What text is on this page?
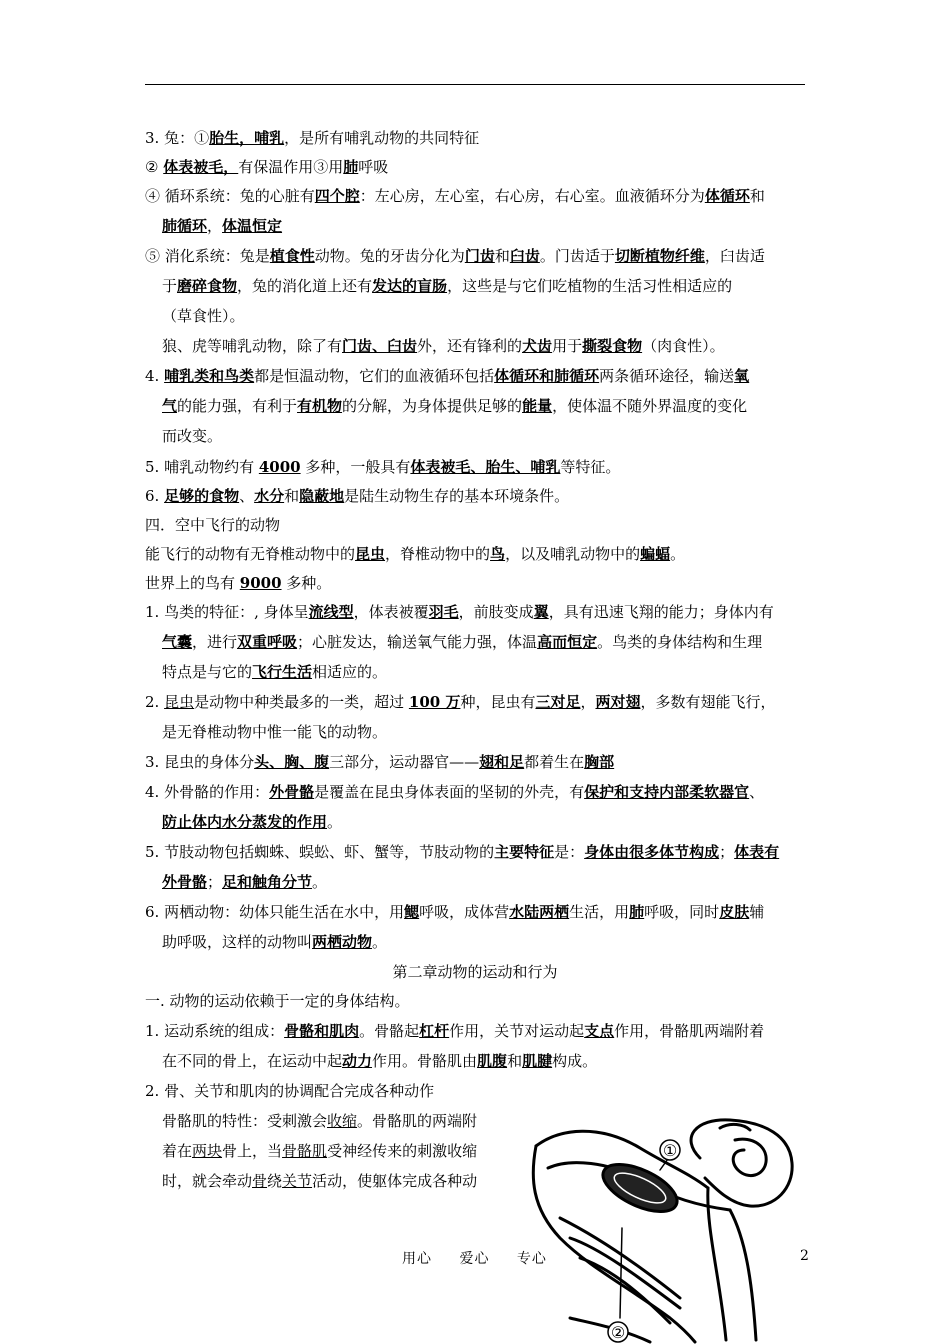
3. 兔：①胎生，哺乳，是所有哺乳动物的共同特征
② 体表被毛，有保温作用③用肺呼吸
④ 循环系统：兔的心脏有四个腔：左心房，左心室，右心房，右心室。血液循环分为体循环和
肺循环，体温恒定
⑤ 消化系统：兔是植食性动物。兔的牙齿分化为门齿和臼齿。门齿适于切断植物纤维，臼齿适
于磨碎食物，兔的消化道上还有发达的盲肠，这些是与它们吃植物的生活习性相适应的
（草食性）。
狼、虎等哺乳动物，除了有门齿、臼齿外，还有锋利的犬齿用于撕裂食物（肉食性）。
4. 哺乳类和鸟类都是恒温动物，它们的血液循环包括体循环和肺循环两条循环途径，输送氧
气的能力强，有利于有机物的分解，为身体提供足够的能量，使体温不随外界温度的变化
而改变。
5. 哺乳动物约有 4000 多种，一般具有体表被毛、胎生、哺乳等特征。
6. 足够的食物、水分和隐蔽地是陆生动物生存的基本环境条件。
四．空中飞行的动物
能飞行的动物有无脊椎动物中的昆虫，脊椎动物中的鸟，以及哺乳动物中的蝙蝠。
世界上的鸟有 9000 多种。
1. 鸟类的特征：, 身体呈流线型，体表被覆羽毛，前肢变成翼，具有迅速飞翔的能力；身体内有
气囊，进行双重呼吸；心脏发达，输送氧气能力强，体温高而恒定。鸟类的身体结构和生理
特点是与它的飞行生活相适应的。
2. 昆虫是动物中种类最多的一类，超过 100 万种，昆虫有三对足，两对翅，多数有翅能飞行，
是无脊椎动物中惟一能飞的动物。
3. 昆虫的身体分头、胸、腹三部分，运动器官——翅和足都着生在胸部
4. 外骨骼的作用：外骨骼是覆盖在昆虫身体表面的坚韧的外壳，有保护和支持内部柔软器官、
防止体内水分蒸发的作用。
5. 节肢动物包括蜘蛛、蜈蚣、虾、蟹等，节肢动物的主要特征是：身体由很多体节构成；体表有
外骨骼；足和触角分节。
6. 两栖动物：幼体只能生活在水中，用鳃呼吸，成体营水陆两栖生活，用肺呼吸，同时皮肤辅
助呼吸，这样的动物叫两栖动物。
第二章动物的运动和行为
一. 动物的运动依赖于一定的身体结构。
1. 运动系统的组成：骨骼和肌肉。骨骼起杠杆作用，关节对运动起支点作用，骨骼肌两端附着
在不同的骨上，在运动中起动力作用。骨骼肌由肌腹和肌腱构成。
2. 骨、关节和肌肉的协调配合完成各种动作
骨骼肌的特性：受刺激会收缩。骨骼肌的两端附
着在两块骨上，当骨骼肌受神经传来的刺激收缩
时，就会牵动骨绕关节活动，使躯体完成各种动
①
②
用心 爱心 专心	2
